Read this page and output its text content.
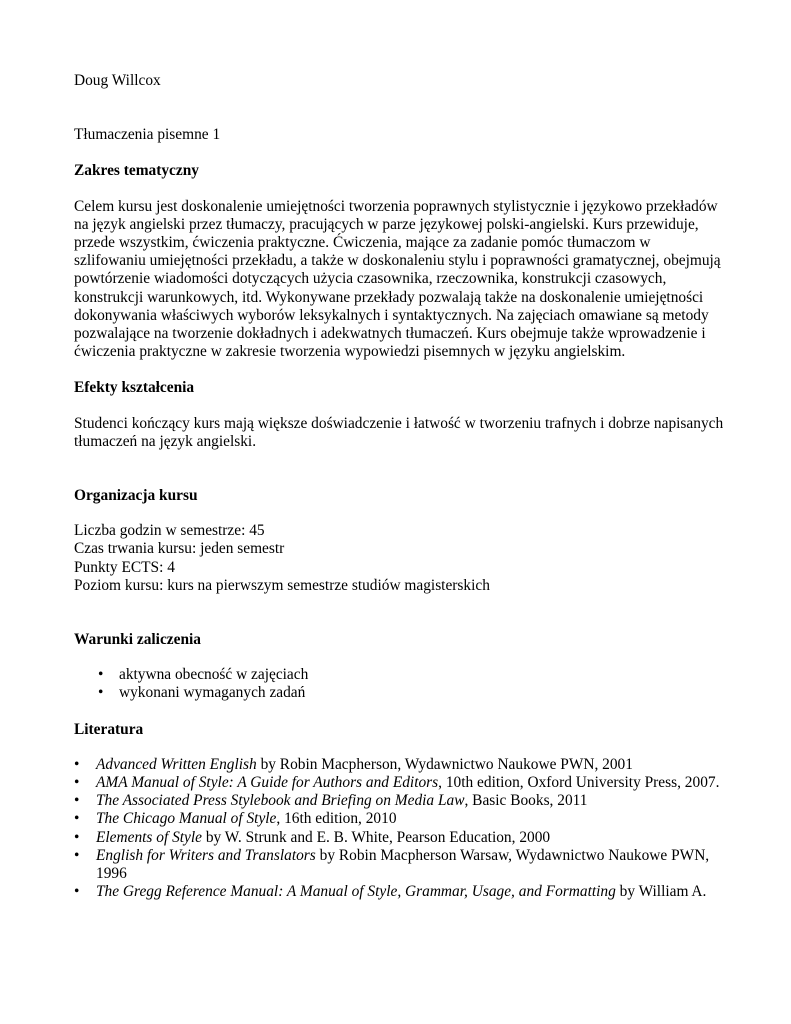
Doug Willcox

Tłumaczenia pisemne 1

Zakres tematyczny

Celem kursu jest doskonalenie umiejętności tworzenia poprawnych stylistycznie i językowo przekładów na język angielski przez tłumaczy, pracujących w parze językowej polski-angielski. Kurs przewiduje, przede wszystkim, ćwiczenia praktyczne. Ćwiczenia, mające za zadanie pomóc tłumaczom w szlifowaniu umiejętności przekładu, a także w doskonaleniu stylu i poprawności gramatycznej, obejmują powtórzenie wiadomości dotyczących użycia czasownika, rzeczownika, konstrukcji czasowych, konstrukcji warunkowych, itd. Wykonywane przekłady pozwalają także na doskonalenie umiejętności dokonywania właściwych wyborów leksykalnych i syntaktycznych. Na zajęciach omawiane są metody pozwalające na tworzenie dokładnych i adekwatnych tłumaczeń. Kurs obejmuje także wprowadzenie i ćwiczenia praktyczne w zakresie tworzenia wypowiedzi pisemnych w języku angielskim.

Efekty kształcenia

Studenci kończący kurs mają większe doświadczenie i łatwość w tworzeniu trafnych i dobrze napisanych tłumaczeń na język angielski.

Organizacja kursu

Liczba godzin w semestrze: 45

Czas trwania kursu: jeden semestr

Punkty ECTS: 4

Poziom kursu: kurs na pierwszym semestrze studiów magisterskich

Warunki zaliczenia
• aktywna obecność w zajęciach
• wykonani wymaganych zadań
Literatura
• Advanced Written English by Robin Macpherson, Wydawnictwo Naukowe PWN, 2001
• AMA Manual of Style: A Guide for Authors and Editors, 10th edition, Oxford University Press, 2007.
• The Associated Press Stylebook and Briefing on Media Law, Basic Books, 2011
• The Chicago Manual of Style, 16th edition, 2010
• Elements of Style by W. Strunk and E. B. White, Pearson Education, 2000
• English for Writers and Translators by Robin Macpherson Warsaw, Wydawnictwo Naukowe PWN, 1996
• The Gregg Reference Manual: A Manual of Style, Grammar, Usage, and Formatting by William A.
